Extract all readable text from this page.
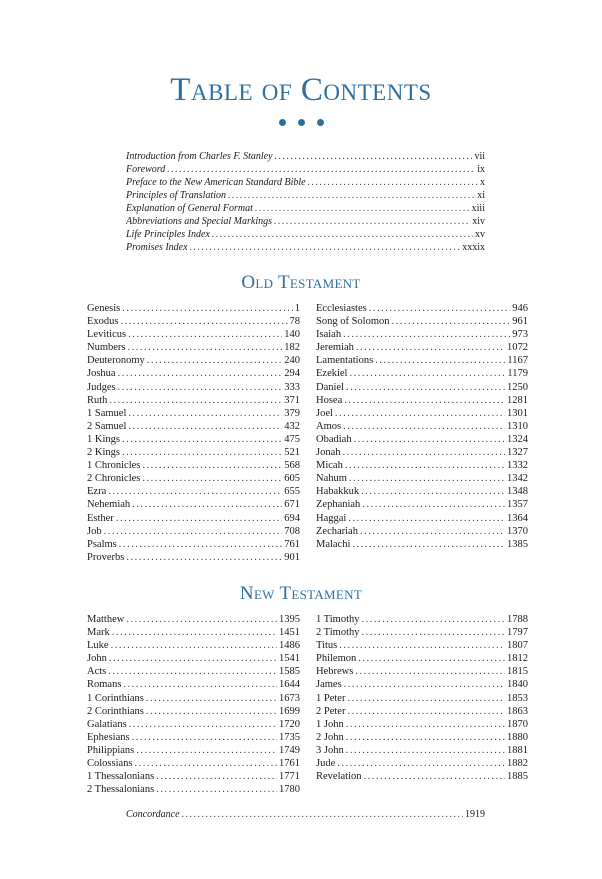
Table of Contents
Introduction from Charles F. Stanley .....	vii
Foreword .....	ix
Preface to the New American Standard Bible .....	x
Principles of Translation .....	xi
Explanation of General Format .....	xiii
Abbreviations and Special Markings .....	xiv
Life Principles Index .....	xv
Promises Index .....	xxxix
Old Testament
Genesis .....	1
Exodus .....	78
Leviticus .....	140
Numbers .....	182
Deuteronomy .....	240
Joshua .....	294
Judges .....	333
Ruth .....	371
1 Samuel .....	379
2 Samuel .....	432
1 Kings .....	475
2 Kings .....	521
1 Chronicles .....	568
2 Chronicles .....	605
Ezra .....	655
Nehemiah .....	671
Esther .....	694
Job .....	708
Psalms .....	761
Proverbs .....	901
Ecclesiastes .....	946
Song of Solomon .....	961
Isaiah .....	973
Jeremiah .....	1072
Lamentations .....	1167
Ezekiel .....	1179
Daniel .....	1250
Hosea .....	1281
Joel .....	1301
Amos .....	1310
Obadiah .....	1324
Jonah .....	1327
Micah .....	1332
Nahum .....	1342
Habakkuk .....	1348
Zephaniah .....	1357
Haggai .....	1364
Zechariah .....	1370
Malachi .....	1385
New Testament
Matthew .....	1395
Mark .....	1451
Luke .....	1486
John .....	1541
Acts .....	1585
Romans .....	1644
1 Corinthians .....	1673
2 Corinthians .....	1699
Galatians .....	1720
Ephesians .....	1735
Philippians .....	1749
Colossians .....	1761
1 Thessalonians .....	1771
2 Thessalonians .....	1780
1 Timothy .....	1788
2 Timothy .....	1797
Titus .....	1807
Philemon .....	1812
Hebrews .....	1815
James .....	1840
1 Peter .....	1853
2 Peter .....	1863
1 John .....	1870
2 John .....	1880
3 John .....	1881
Jude .....	1882
Revelation .....	1885
Concordance .....	1919
